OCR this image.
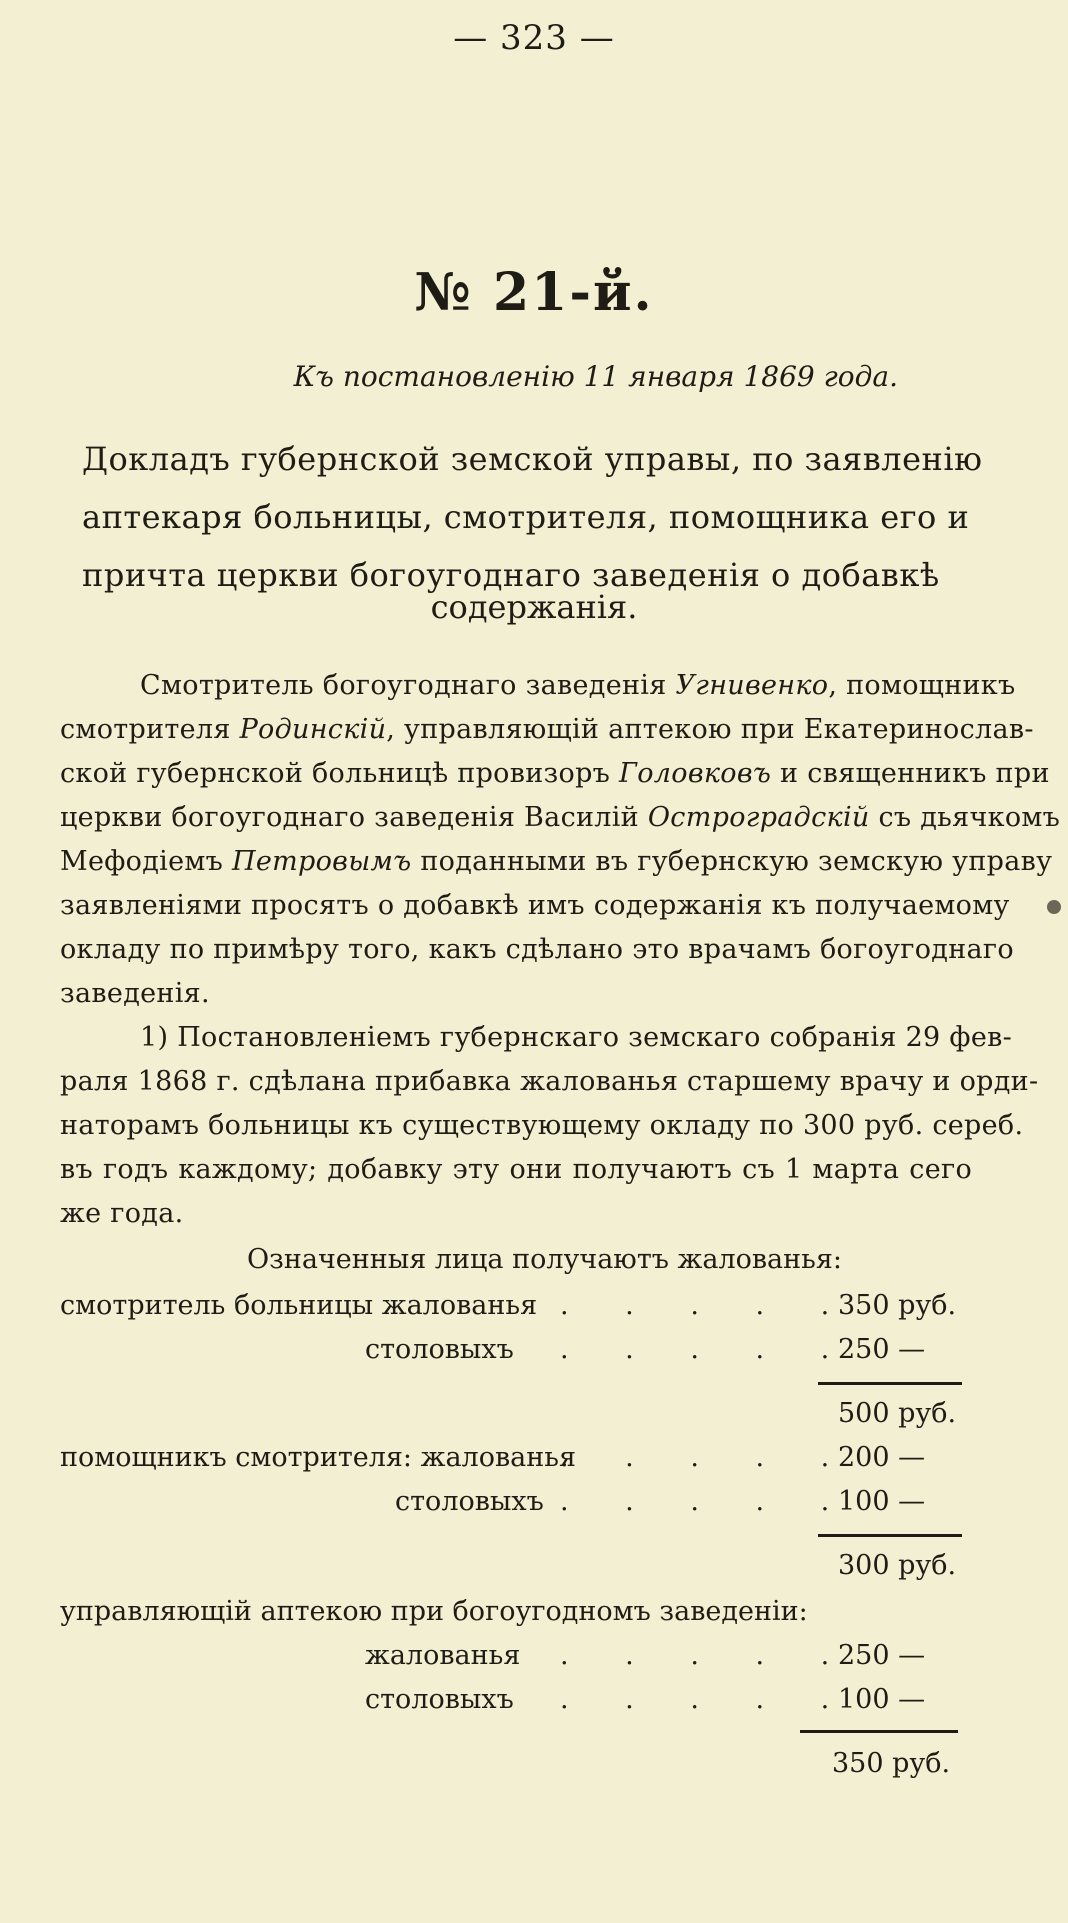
— 323 —
№ 21-й.
Къ постановленію 11 января 1869 года.
Докладъ губернской земской управы, по заявленію
аптекаря больницы, смотрителя, помощника его и
причта церкви богоугоднаго заведенія о добавкѣ
содержанія.
Смотритель богоугоднаго заведенія Угнивенко, помощникъ
смотрителя Родинскій, управляющій аптекою при Екатеринослав-
ской губернской больницѣ провизоръ Головковъ и священникъ при
церкви богоугоднаго заведенія Василій Остроградскій съ дьячкомъ
Мефодіемъ Петровымъ поданными въ губернскую земскую управу
заявленіями просятъ о добавкѣ имъ содержанія къ получаемому
окладу по примѣру того, какъ сдѣлано это врачамъ богоугоднаго
заведенія.
1) Постановленіемъ губернскаго земскаго собранія 29 фев-
раля 1868 г. сдѣлана прибавка жалованья старшему врачу и орди-
наторамъ больницы къ существующему окладу по 300 руб. сереб.
въ годъ каждому; добавку эту они получаютъ съ 1 марта сего
же года.
Означенныя лица получаютъ жалованья:
смотритель больницы жалованья . . . . .
350 руб.
столовыхъ . . . . .
250 —
500 руб.
помощникъ смотрителя: жалованья
. . . . .
200 —
столовыхъ . . . . .
100 —
300 руб.
управляющій аптекою при богоугодномъ заведеніи:
жалованья . . . . .
250 —
столовыхъ . . . . .
100 —
350 руб.
